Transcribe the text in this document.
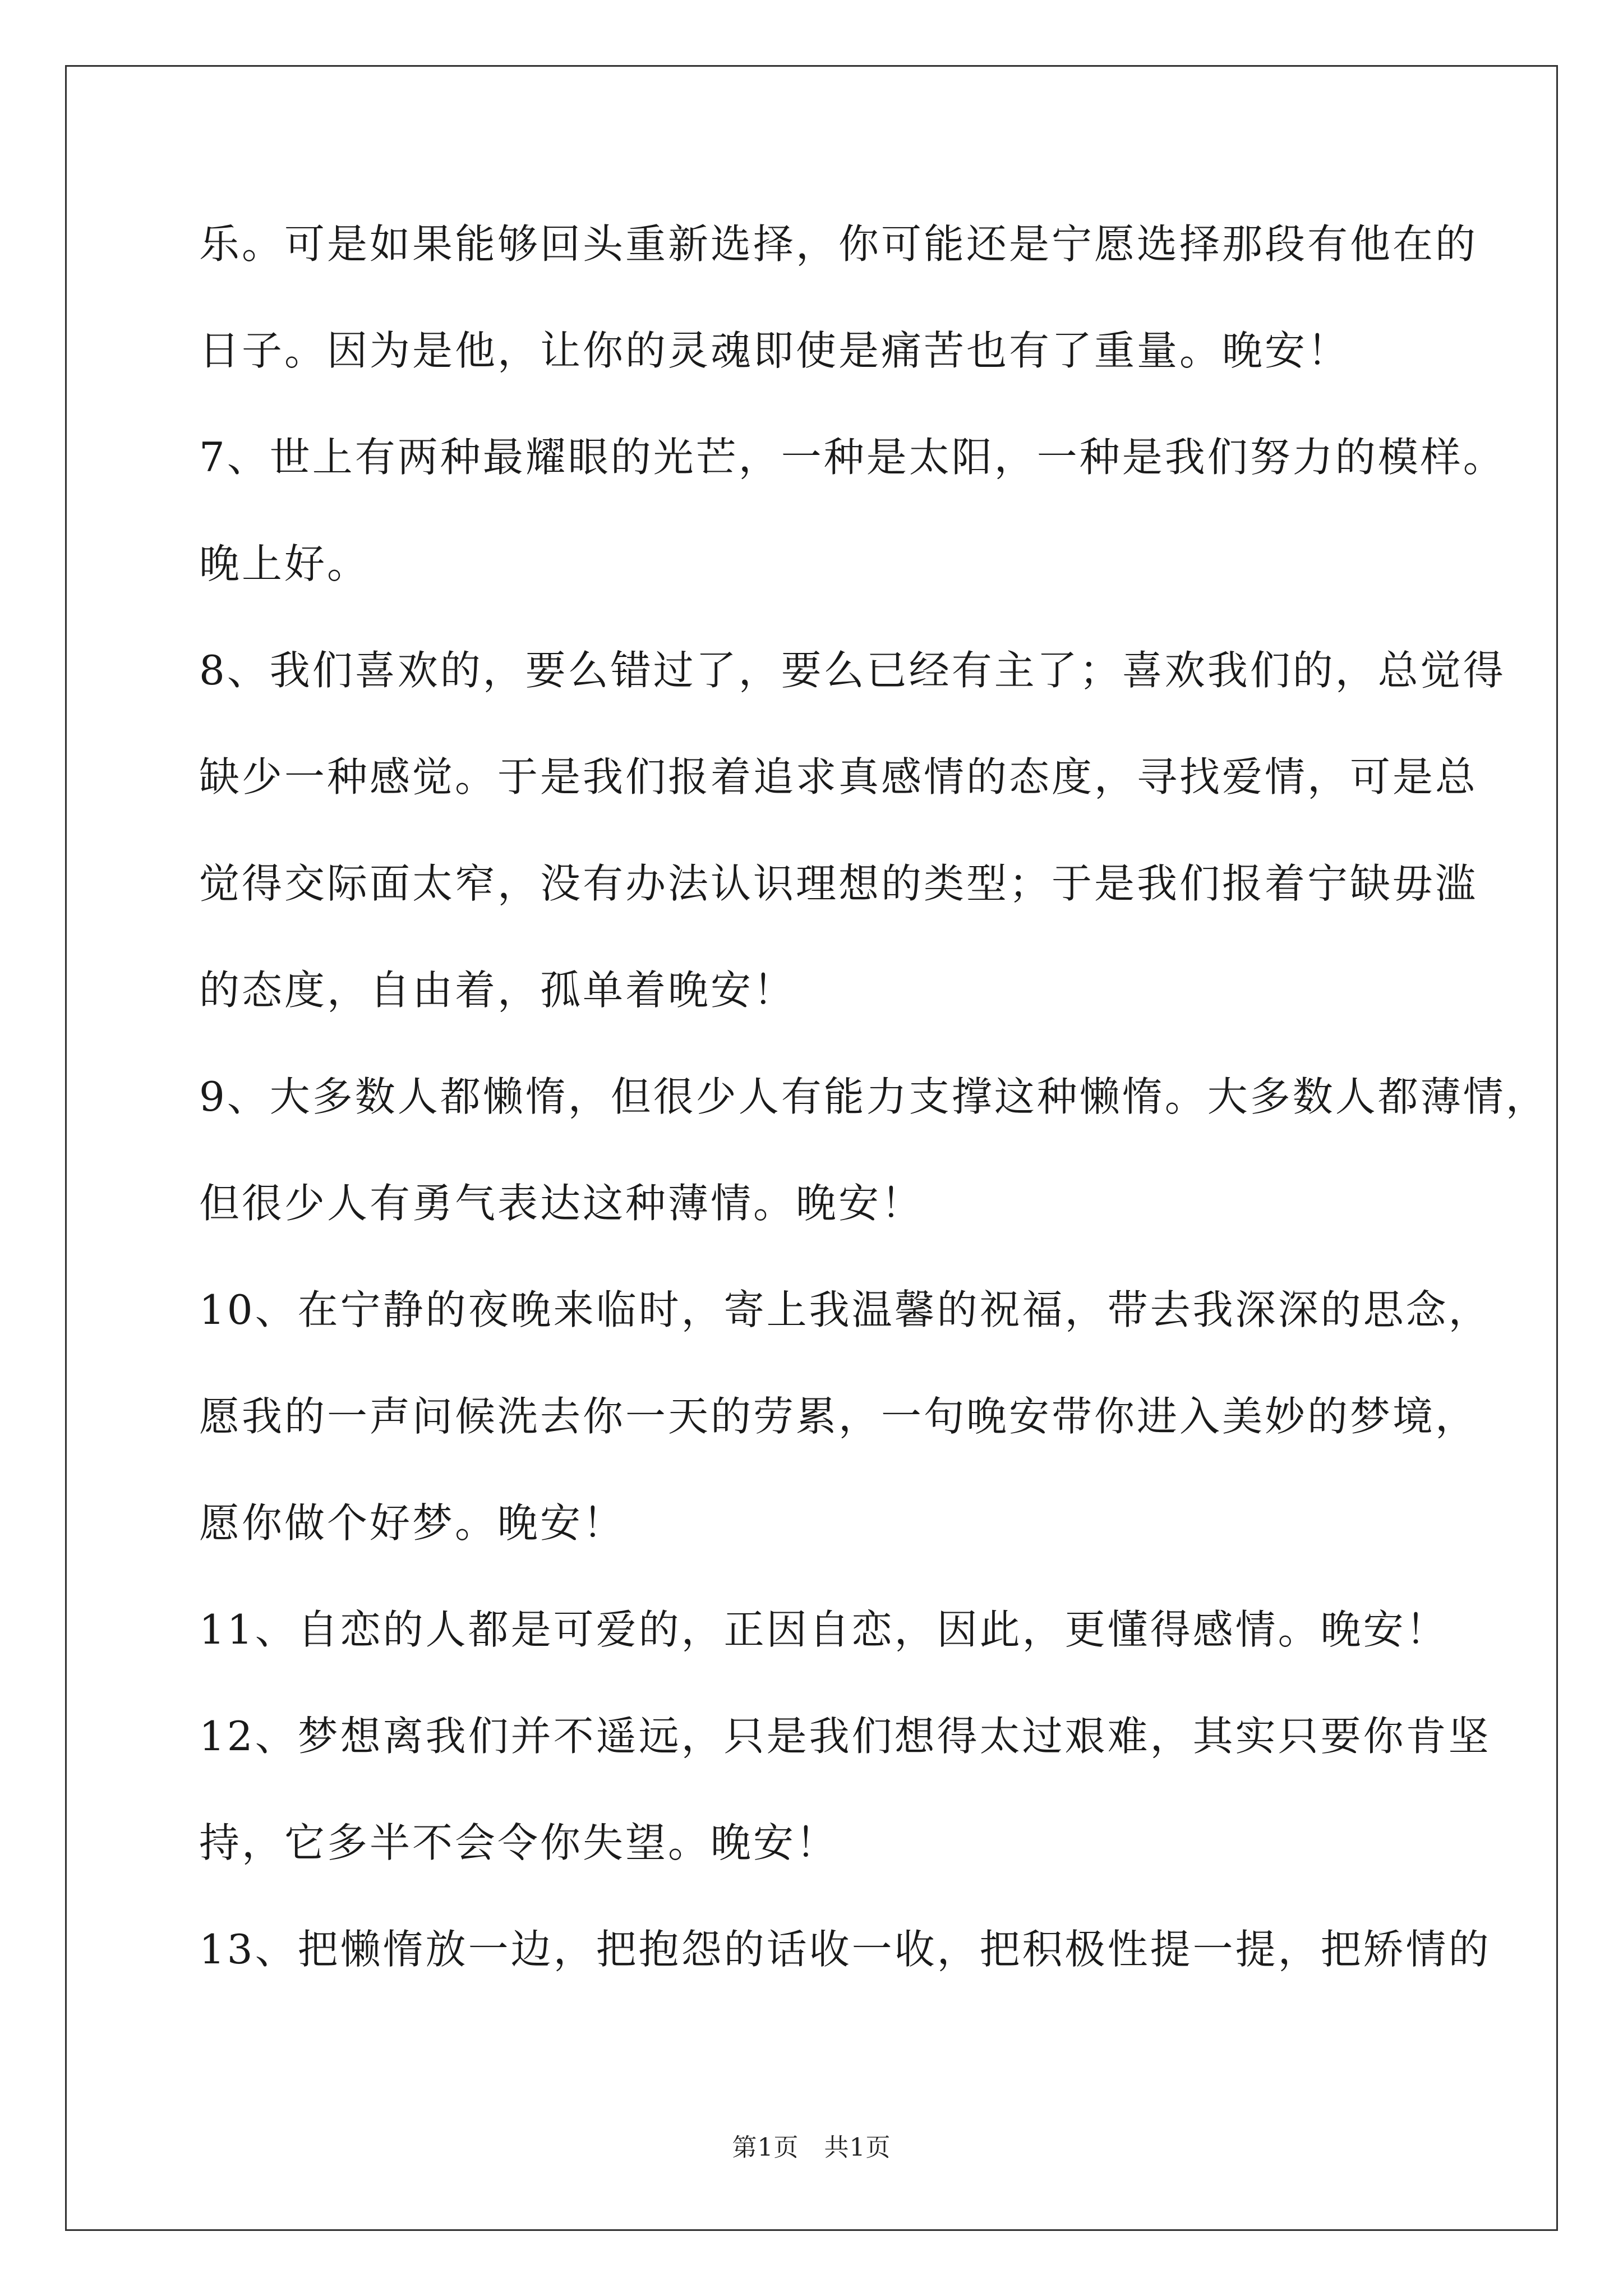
乐。可是如果能够回头重新选择，你可能还是宁愿选择那段有他在的
日子。因为是他，让你的灵魂即使是痛苦也有了重量。晚安！
7、世上有两种最耀眼的光芒，一种是太阳，一种是我们努力的模样。
晚上好。
8、我们喜欢的，要么错过了，要么已经有主了；喜欢我们的，总觉得
缺少一种感觉。于是我们报着追求真感情的态度，寻找爱情，可是总
觉得交际面太窄，没有办法认识理想的类型；于是我们报着宁缺毋滥
的态度，自由着，孤单着晚安！
9、大多数人都懒惰，但很少人有能力支撑这种懒惰。大多数人都薄情，
但很少人有勇气表达这种薄情。晚安！
10、在宁静的夜晚来临时，寄上我温馨的祝福，带去我深深的思念，
愿我的一声问候洗去你一天的劳累，一句晚安带你进入美妙的梦境，
愿你做个好梦。晚安！
11、自恋的人都是可爱的，正因自恋，因此，更懂得感情。晚安！
12、梦想离我们并不遥远，只是我们想得太过艰难，其实只要你肯坚
持，它多半不会令你失望。晚安！
13、把懒惰放一边，把抱怨的话收一收，把积极性提一提，把矫情的
第1页　共1页
